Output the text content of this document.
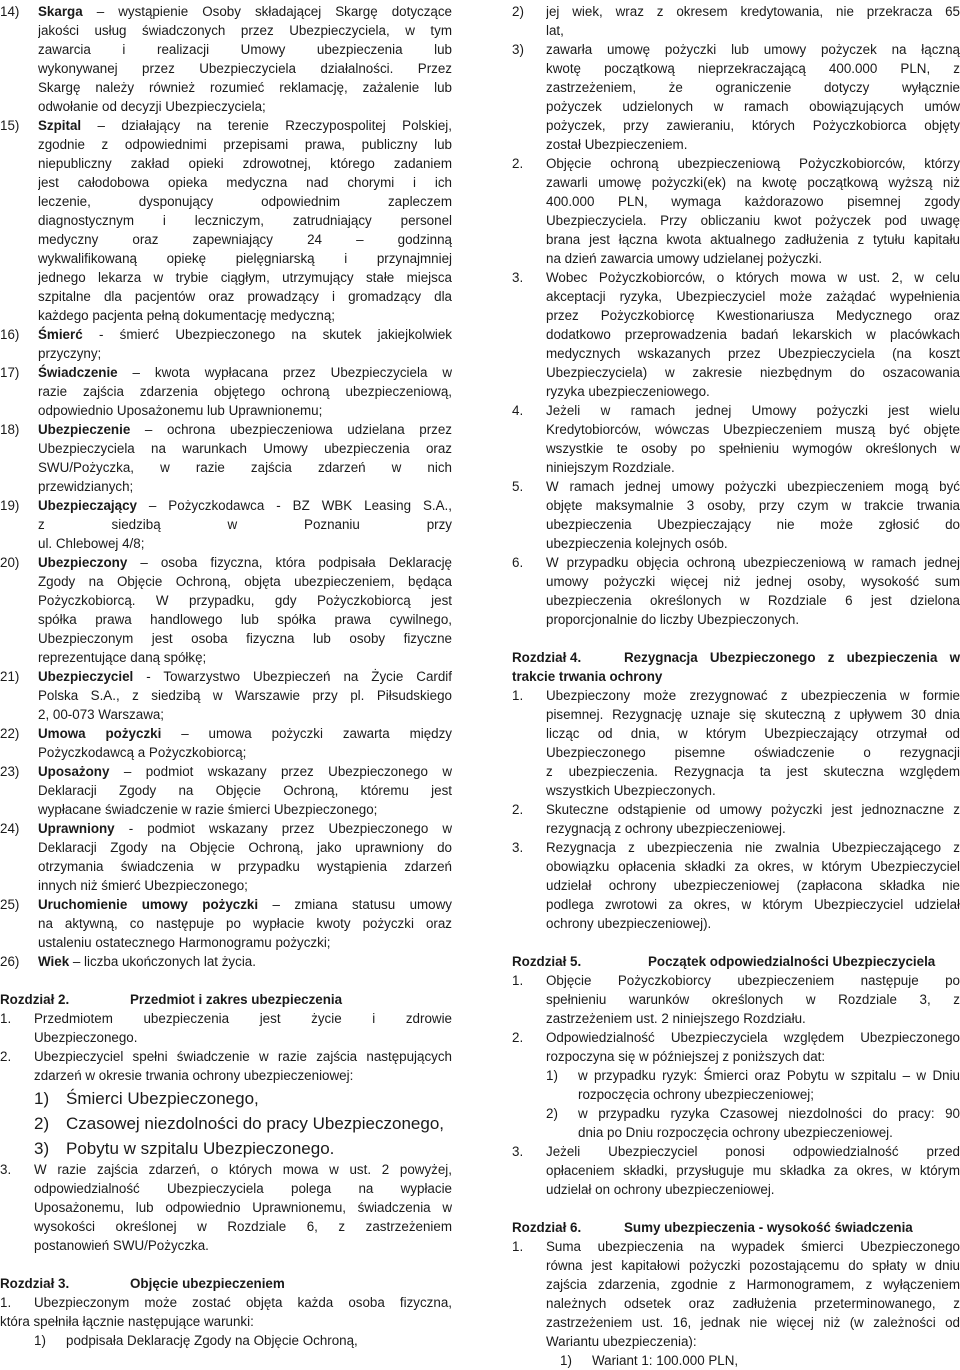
14) Skarga – wystąpienie Osoby składającej Skargę dotyczące
jakości usług świadczonych przez Ubezpieczyciela, w tym
zawarcia i realizacji Umowy ubezpieczenia lub
wykonywanej przez Ubezpieczyciela działalności. Przez
Skargę należy również rozumieć reklamację, zażalenie lub
odwołanie od decyzji Ubezpieczyciela;
15) Szpital – działający na terenie Rzeczypospolitej Polskiej,
zgodnie z odpowiednimi przepisami prawa, publiczny lub
niepubliczny zakład opieki zdrowotnej, którego zadaniem
jest całodobowa opieka medyczna nad chorymi i ich
leczenie, dysponujący odpowiednim zapleczem
diagnostycznym i leczniczym, zatrudniający personel
medyczny oraz zapewniający 24 – godzinną
wykwalifikowaną opiekę pielęgniarską i przynajmniej
jednego lekarza w trybie ciągłym, utrzymujący stałe miejsca
szpitalne dla pacjentów oraz prowadzący i gromadzący dla
każdego pacjenta pełną dokumentację medyczną;
16) Śmierć - śmierć Ubezpieczonego na skutek jakiejkolwiek
przyczyny;
17) Świadczenie – kwota wypłacana przez Ubezpieczyciela w
razie zajścia zdarzenia objętego ochroną ubezpieczeniową,
odpowiednio Uposażonemu lub Uprawnionemu;
18) Ubezpieczenie – ochrona ubezpieczeniowa udzielana przez
Ubezpieczyciela na warunkach Umowy ubezpieczenia oraz
SWU/Pożyczka, w razie zajścia zdarzeń w nich
przewidzianych;
19) Ubezpieczający – Pożyczkodawca - BZ WBK Leasing S.A.,
z siedzibą w Poznaniu przy
ul. Chlebowej 4/8;
20) Ubezpieczony – osoba fizyczna, która podpisała Deklarację
Zgody na Objęcie Ochroną, objęta ubezpieczeniem, będąca
Pożyczkobiorcą. W przypadku, gdy Pożyczkobiorcą jest
spółka prawa handlowego lub spółka prawa cywilnego,
Ubezpieczonym jest osoba fizyczna lub osoby fizyczne
reprezentujące daną spółkę;
21) Ubezpieczyciel - Towarzystwo Ubezpieczeń na Życie Cardif
Polska S.A., z siedzibą w Warszawie przy pl. Piłsudskiego
2, 00-073 Warszawa;
22) Umowa pożyczki – umowa pożyczki zawarta między
Pożyczkodawcą a Pożyczkobiorcą;
23) Uposażony – podmiot wskazany przez Ubezpieczonego w
Deklaracji Zgody na Objęcie Ochroną, któremu jest
wypłacane świadczenie w razie śmierci Ubezpieczonego;
24) Uprawniony - podmiot wskazany przez Ubezpieczonego w
Deklaracji Zgody na Objęcie Ochroną, jako uprawniony do
otrzymania świadczenia w przypadku wystąpienia zdarzeń
innych niż śmierć Ubezpieczonego;
25) Uruchomienie umowy pożyczki – zmiana statusu umowy
na aktywną, co następuje po wypłacie kwoty pożyczki oraz
ustaleniu ostatecznego Harmonogramu pożyczki;
26) Wiek – liczba ukończonych lat życia.
Rozdział 2.	Przedmiot i zakres ubezpieczenia
1. Przedmiotem ubezpieczenia jest życie i zdrowie
Ubezpieczonego.
2. Ubezpieczyciel spełni świadczenie w razie zajścia następujących
zdarzeń w okresie trwania ochrony ubezpieczeniowej:
1) Śmierci Ubezpieczonego,
2) Czasowej niezdolności do pracy Ubezpieczonego,
3) Pobytu w szpitalu Ubezpieczonego.
3. W razie zajścia zdarzeń, o których mowa w ust. 2 powyżej,
odpowiedzialność Ubezpieczyciela polega na wypłacie
Uposażonemu, lub odpowiednio Uprawnionemu, świadczenia w
wysokości określonej w Rozdziale 6, z zastrzeżeniem
postanowień SWU/Pożyczka.
Rozdział 3.	Objęcie ubezpieczeniem
1. Ubezpieczonym może zostać objęta każda osoba fizyczna,
która spełniła łącznie następujące warunki:
1) podpisała Deklarację Zgody na Objęcie Ochroną,
2) jej wiek, wraz z okresem kredytowania, nie przekracza 65
lat,
3) zawarła umowę pożyczki lub umowy pożyczek na łączną
kwotę początkową nieprzekraczającą 400.000 PLN, z
zastrzeżeniem, że ograniczenie dotyczy wyłącznie
pożyczek udzielonych w ramach obowiązujących umów
pożyczek, przy zawieraniu, których Pożyczkobiorca objęty
został Ubezpieczeniem.
2. Objęcie ochroną ubezpieczeniową Pożyczkobiorców, którzy
zawarli umowę pożyczki(ek) na kwotę początkową wyższą niż
400.000 PLN, wymaga każdorazowo pisemnej zgody
Ubezpieczyciela. Przy obliczaniu kwot pożyczek pod uwagę
brana jest łączna kwota aktualnego zadłużenia z tytułu kapitału
na dzień zawarcia umowy udzielanej pożyczki.
3. Wobec Pożyczkobiorców, o których mowa w ust. 2, w celu
akceptacji ryzyka, Ubezpieczyciel może zażądać wypełnienia
przez Pożyczkobiorcę Kwestionariusza Medycznego oraz
dodatkowo przeprowadzenia badań lekarskich w placówkach
medycznych wskazanych przez Ubezpieczyciela (na koszt
Ubezpieczyciela) w zakresie niezbędnym do oszacowania
ryzyka ubezpieczeniowego.
4. Jeżeli w ramach jednej Umowy pożyczki jest wielu
Kredytobiorców, wówczas Ubezpieczeniem muszą być objęte
wszystkie te osoby po spełnieniu wymogów określonych w
niniejszym Rozdziale.
5. W ramach jednej umowy pożyczki ubezpieczeniem mogą być
objęte maksymalnie 3 osoby, przy czym w trakcie trwania
ubezpieczenia Ubezpieczający nie może zgłosić do
ubezpieczenia kolejnych osób.
6. W przypadku objęcia ochroną ubezpieczeniową w ramach jednej
umowy pożyczki więcej niż jednej osoby, wysokość sum
ubezpieczenia określonych w Rozdziale 6 jest dzielona
proporcjonalnie do liczby Ubezpieczonych.
Rozdział 4.	Rezygnacja Ubezpieczonego z ubezpieczenia w
trakcie trwania ochrony
1. Ubezpieczony może zrezygnować z ubezpieczenia w formie
pisemnej. Rezygnację uznaje się skuteczną z upływem 30 dnia
licząc od dnia, w którym Ubezpieczający otrzymał od
Ubezpieczonego pisemne oświadczenie o rezygnacji
z ubezpieczenia. Rezygnacja ta jest skuteczna względem
wszystkich Ubezpieczonych.
2. Skuteczne odstąpienie od umowy pożyczki jest jednoznaczne z
rezygnacją z ochrony ubezpieczeniowej.
3. Rezygnacja z ubezpieczenia nie zwalnia Ubezpieczającego z
obowiązku opłacenia składki za okres, w którym Ubezpieczyciel
udzielał ochrony ubezpieczeniowej (zapłacona składka nie
podlega zwrotowi za okres, w którym Ubezpieczyciel udzielał
ochrony ubezpieczeniowej).
Rozdział 5.	Początek odpowiedzialności Ubezpieczyciela
1. Objęcie Pożyczkobiorcy ubezpieczeniem następuje po
spełnieniu warunków określonych w Rozdziale 3, z
zastrzeżeniem ust. 2 niniejszego Rozdziału.
2. Odpowiedzialność Ubezpieczyciela względem Ubezpieczonego
rozpoczyna się w późniejszej z poniższych dat:
1) w przypadku ryzyk: Śmierci oraz Pobytu w szpitalu – w Dniu
rozpoczęcia ochrony ubezpieczeniowej;
2) w przypadku ryzyka Czasowej niezdolności do pracy: 90
dnia po Dniu rozpoczęcia ochrony ubezpieczeniowej.
3. Jeżeli Ubezpieczyciel ponosi odpowiedzialność przed
opłaceniem składki, przysługuje mu składka za okres, w którym
udzielał on ochrony ubezpieczeniowej.
Rozdział 6.	Sumy ubezpieczenia - wysokość świadczenia
1. Suma ubezpieczenia na wypadek śmierci Ubezpieczonego
równa jest kapitałowi pożyczki pozostającemu do spłaty w dniu
zajścia zdarzenia, zgodnie z Harmonogramem, z wyłączeniem
należnych odsetek oraz zadłużenia przeterminowanego, z
zastrzeżeniem ust. 16, jednak nie więcej niż (w zależności od
Wariantu ubezpieczenia):
1) Wariant 1: 100.000 PLN,
